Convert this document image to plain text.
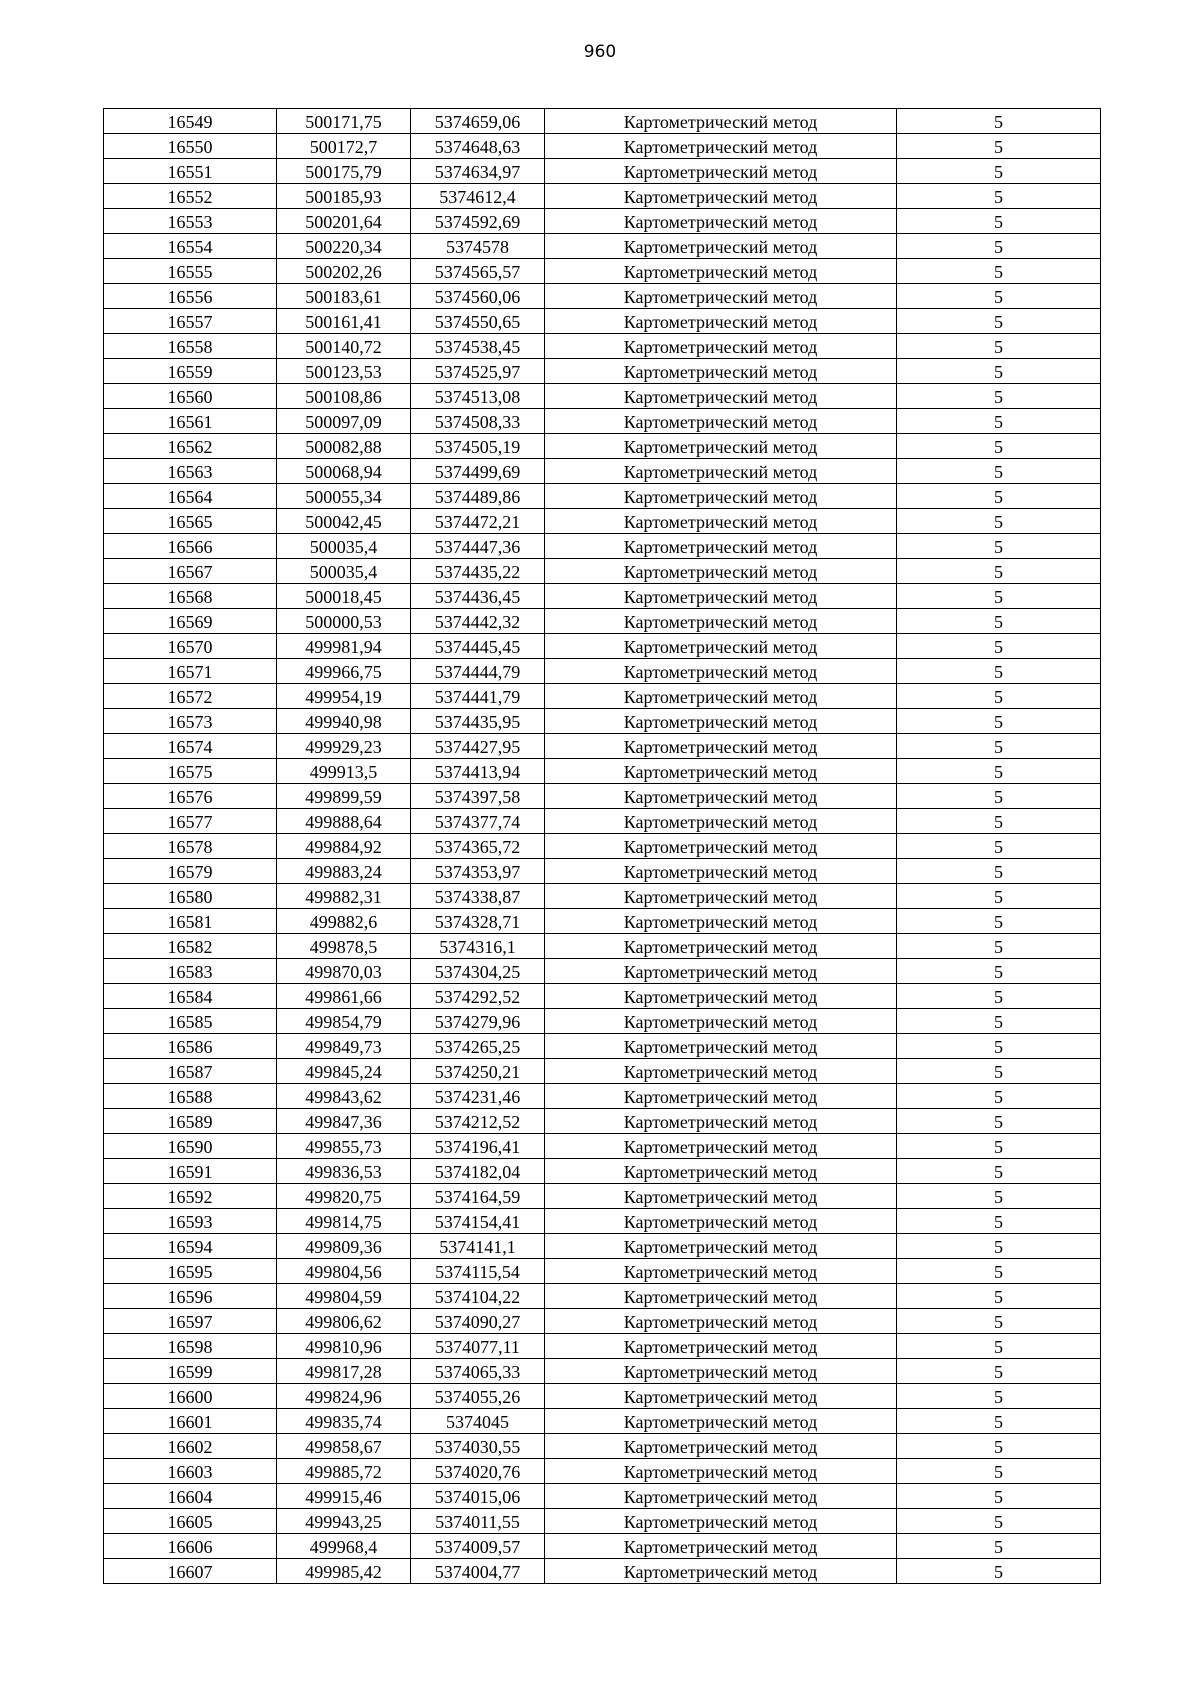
960
16549	500171,75	5374659,06	Картометрический метод	5
16550	500172,7	5374648,63	Картометрический метод	5
16551	500175,79	5374634,97	Картометрический метод	5
16552	500185,93	5374612,4	Картометрический метод	5
16553	500201,64	5374592,69	Картометрический метод	5
16554	500220,34	5374578	Картометрический метод	5
16555	500202,26	5374565,57	Картометрический метод	5
16556	500183,61	5374560,06	Картометрический метод	5
16557	500161,41	5374550,65	Картометрический метод	5
16558	500140,72	5374538,45	Картометрический метод	5
16559	500123,53	5374525,97	Картометрический метод	5
16560	500108,86	5374513,08	Картометрический метод	5
16561	500097,09	5374508,33	Картометрический метод	5
16562	500082,88	5374505,19	Картометрический метод	5
16563	500068,94	5374499,69	Картометрический метод	5
16564	500055,34	5374489,86	Картометрический метод	5
16565	500042,45	5374472,21	Картометрический метод	5
16566	500035,4	5374447,36	Картометрический метод	5
16567	500035,4	5374435,22	Картометрический метод	5
16568	500018,45	5374436,45	Картометрический метод	5
16569	500000,53	5374442,32	Картометрический метод	5
16570	499981,94	5374445,45	Картометрический метод	5
16571	499966,75	5374444,79	Картометрический метод	5
16572	499954,19	5374441,79	Картометрический метод	5
16573	499940,98	5374435,95	Картометрический метод	5
16574	499929,23	5374427,95	Картометрический метод	5
16575	499913,5	5374413,94	Картометрический метод	5
16576	499899,59	5374397,58	Картометрический метод	5
16577	499888,64	5374377,74	Картометрический метод	5
16578	499884,92	5374365,72	Картометрический метод	5
16579	499883,24	5374353,97	Картометрический метод	5
16580	499882,31	5374338,87	Картометрический метод	5
16581	499882,6	5374328,71	Картометрический метод	5
16582	499878,5	5374316,1	Картометрический метод	5
16583	499870,03	5374304,25	Картометрический метод	5
16584	499861,66	5374292,52	Картометрический метод	5
16585	499854,79	5374279,96	Картометрический метод	5
16586	499849,73	5374265,25	Картометрический метод	5
16587	499845,24	5374250,21	Картометрический метод	5
16588	499843,62	5374231,46	Картометрический метод	5
16589	499847,36	5374212,52	Картометрический метод	5
16590	499855,73	5374196,41	Картометрический метод	5
16591	499836,53	5374182,04	Картометрический метод	5
16592	499820,75	5374164,59	Картометрический метод	5
16593	499814,75	5374154,41	Картометрический метод	5
16594	499809,36	5374141,1	Картометрический метод	5
16595	499804,56	5374115,54	Картометрический метод	5
16596	499804,59	5374104,22	Картометрический метод	5
16597	499806,62	5374090,27	Картометрический метод	5
16598	499810,96	5374077,11	Картометрический метод	5
16599	499817,28	5374065,33	Картометрический метод	5
16600	499824,96	5374055,26	Картометрический метод	5
16601	499835,74	5374045	Картометрический метод	5
16602	499858,67	5374030,55	Картометрический метод	5
16603	499885,72	5374020,76	Картометрический метод	5
16604	499915,46	5374015,06	Картометрический метод	5
16605	499943,25	5374011,55	Картометрический метод	5
16606	499968,4	5374009,57	Картометрический метод	5
16607	499985,42	5374004,77	Картометрический метод	5
